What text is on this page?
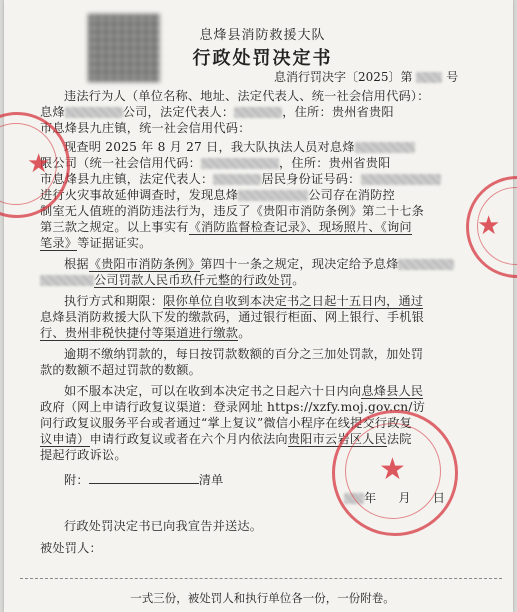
息烽县消防救援大队
行政处罚决定书
息消行罚决字〔2025〕第	号
违法行为人（单位名称、地址、法定代表人、统一社会信用代码）：
息烽	公司，法定代表人：	，住所：贵州省贵阳
市息烽县九庄镇，统一社会信用代码：
现查明 2025 年 8 月 27 日，我大队执法人员对息烽
限公司（统一社会信用代码：	，住所：贵州省贵阳
市息烽县九庄镇，法定代表人：	居民身份证号码：
进行火灾事故延伸调查时，发现息烽	公司存在消防控
制室无人值班的消防违法行为，违反了《贵阳市消防条例》第二十七条
第三款之规定。以上事实有《消防监督检查记录》、现场照片、《询问
笔录》等证据证实。
根据《贵阳市消防条例》第四十一条之规定，现决定给予息烽
公司罚款人民币玖仟元整的行政处罚。
执行方式和期限：限你单位自收到本决定书之日起十五日内，通过
息烽县消防救援大队下发的缴款码，通过银行柜面、网上银行、手机银
行、贵州非税快捷付等渠道进行缴款。
逾期不缴纳罚款的，每日按罚款数额的百分之三加处罚款，加处罚
款的数额不超过罚款的数额。
如不服本决定，可以在收到本决定书之日起六十日内向息烽县人民
政府（网上申请行政复议渠道：登录网址 https://xzfy.moj.gov.cn/访
问行政复议服务平台或者通过“掌上复议”微信小程序在线提交行政复
议申请）申请行政复议或者在六个月内依法向贵阳市云岩区人民法院
提起行政诉讼。
附：	清单
年 月 日
行政处罚决定书已向我宣告并送达。
被处罚人：
一式三份，被处罚人和执行单位各一份，一份附卷。
★
★
★
